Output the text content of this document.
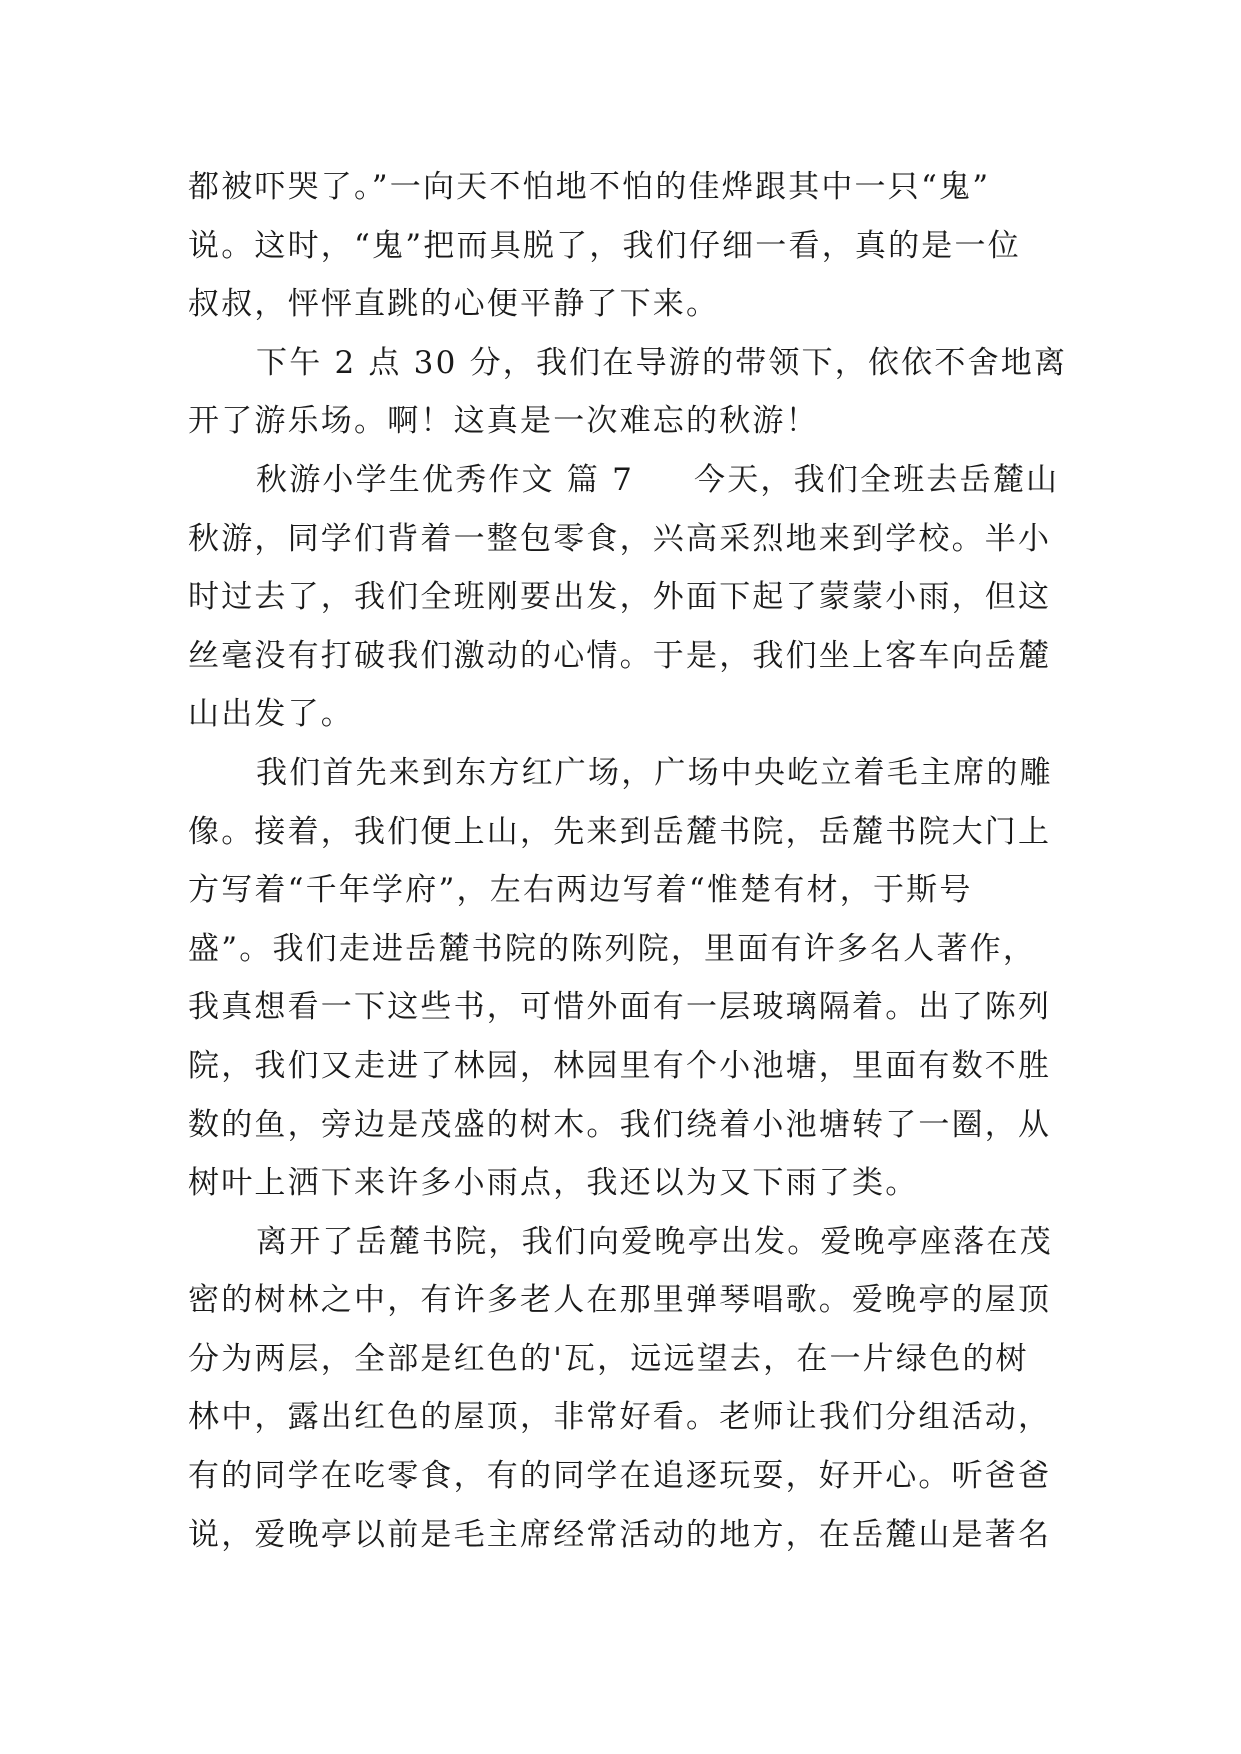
都被吓哭了。”一向天不怕地不怕的佳烨跟其中一只“鬼”
说。这时，“鬼”把而具脱了，我们仔细一看，真的是一位
叔叔，怦怦直跳的心便平静了下来。
下午 2 点 30 分，我们在导游的带领下，依依不舍地离
开了游乐场。啊！这真是一次难忘的秋游！
秋游小学生优秀作文 篇 7 今天，我们全班去岳麓山
秋游，同学们背着一整包零食，兴高采烈地来到学校。半小
时过去了，我们全班刚要出发，外面下起了蒙蒙小雨，但这
丝毫没有打破我们激动的心情。于是，我们坐上客车向岳麓
山出发了。
我们首先来到东方红广场，广场中央屹立着毛主席的雕
像。接着，我们便上山，先来到岳麓书院，岳麓书院大门上
方写着“千年学府”，左右两边写着“惟楚有材，于斯号
盛”。我们走进岳麓书院的陈列院，里面有许多名人著作，
我真想看一下这些书，可惜外面有一层玻璃隔着。出了陈列
院，我们又走进了林园，林园里有个小池塘，里面有数不胜
数的鱼，旁边是茂盛的树木。我们绕着小池塘转了一圈，从
树叶上洒下来许多小雨点，我还以为又下雨了类。
离开了岳麓书院，我们向爱晚亭出发。爱晚亭座落在茂
密的树林之中，有许多老人在那里弹琴唱歌。爱晚亭的屋顶
分为两层，全部是红色的'瓦，远远望去，在一片绿色的树
林中，露出红色的屋顶，非常好看。老师让我们分组活动，
有的同学在吃零食，有的同学在追逐玩耍，好开心。听爸爸
说，爱晚亭以前是毛主席经常活动的地方，在岳麓山是著名
